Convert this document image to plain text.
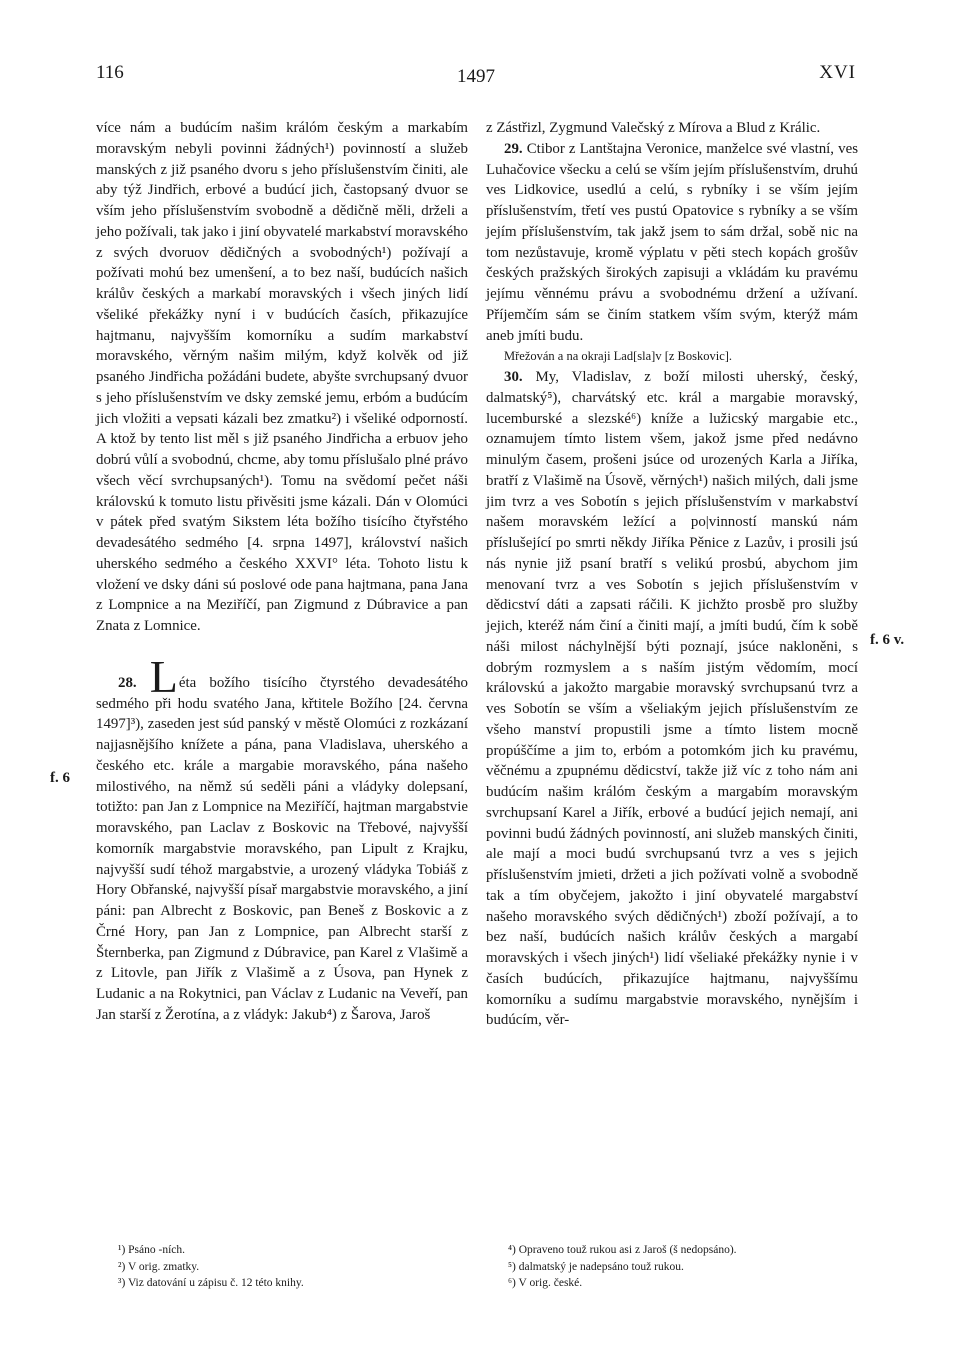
116	1497	XVI

více nám a budúcím našim králóm českým a markabím moravským nebyli povinni žádných¹) povinností a služeb manských z již psaného dvoru s jeho příslušenstvím činiti, ale aby týž Jindřich, erbové a budúcí jich, častopsaný dvuor se vším jeho příslušenstvím svobodně a dědičně měli, drželi a jeho požívali, tak jako i jiní obyvatelé markabství moravského z svých dvoruov dědičných a svobodných¹) požívají a požívati mohú bez umenšení, a to bez naší, budúcích našich králův českých a markabí moravských i všech jiných lidí všeliké překážky nyní i v budúcích časích, přikazujíce hajtmanu, najvyšším komorníku a sudím markabství moravského, věrným našim milým, když kolvěk od již psaného Jindřicha požádáni budete, abyšte svrchupsaný dvuor s jeho příslušenstvím ve dsky zemské jemu, erbóm a budúcím jich vložiti a vepsati kázali bez zmatku²) i všeliké odporností. A ktož by tento list měl s již psaného Jindřicha a erbuov jeho dobrú vůlí a svobodnú, chcme, aby tomu příslušalo plné právo všech věcí svrchupsaných¹). Tomu na svědomí pečet náši královskú k tomuto listu přivěsiti jsme kázali. Dán v Olomúci v pátek před svatým Sikstem léta božího tisícího čtyřstého devadesátého sedmého [4. srpna 1497], království našich uherského sedmého a českého XXVI° léta. Tohoto listu k vložení ve dsky dáni sú poslové ode pana hajtmana, pana Jana z Lompnice a na Meziříčí, pan Zigmund z Dúbravice a pan Znata z Lomnice.

28. Léta božího tisícího čtyrstého devadesátého sedmého při hodu svatého Jana, křtitele Božího [24. června 1497]³), zaseden jest súd panský v městě Olomúci z rozkázaní najjasnějšího knížete a pána, pana Vladislava, uherského a českého etc. krále a margabie moravského, pána našeho milostivého, na němž sú seděli páni a vládyky dolepsaní, totižto: pan Jan z Lompnice na Meziříčí, hajtman margabstvie moravského, pan Laclav z Boskovic na Třebové, najvyšší komorník margabstvie moravského, pan Lipult z Krajku, najvyšší sudí téhož margabstvie, a urozený vládyka Tobiáš z Hory Obřanské, najvyšší písař margabstvie moravského, a jiní páni: pan Albrecht z Boskovic, pan Beneš z Boskovic a z Črné Hory, pan Jan z Lompnice, pan Albrecht starší z Šternberka, pan Zigmund z Dúbravice, pan Karel z Vlašimě a z Litovle, pan Jiřík z Vlašimě a z Úsova, pan Hynek z Ludanic a na Rokytnici, pan Václav z Ludanic na Veveří, pan Jan starší z Žerotína, a z vládyk: Jakub⁴) z Šarova, Jaroš

z Zástřizl, Zygmund Valečský z Mírova a Blud z Králic.

29. Ctibor z Lantštajna Veronice, manželce své vlastní, ves Luhačovice všecku a celú se vším jejím příslušenstvím, druhú ves Lidkovice, usedlú a celú, s rybníky i se vším jejím příslušenstvím, třetí ves pustú Opatovice s rybníky a se vším jejím příslušenstvím, tak jakž jsem to sám držal, sobě nic na tom nezůstavuje, kromě výplatu v pěti stech kopách grošův českých pražských širokých zapisuji a vkládám ku pravému jejímu věnnému právu a svobodnému držení a užívaní. Příjemčím sám se činím statkem vším svým, kterýž mám aneb jmíti budu.

Mřežován a na okraji Lad[sla]v [z Boskovic].

30. My, Vladislav, z boží milosti uherský, český, dalmatský⁵), charvátský etc. král a margabie moravský, lucemburské a slezské⁶) kníže a lužicský margabie etc., oznamujem tímto listem všem, jakož jsme před nedávno minulým časem, prošeni jsúce od urozených Karla a Jiříka, bratří z Vlašimě na Úsově, věrných¹) našich milých, dali jsme jim tvrz a ves Sobotín s jejich příslušenstvím v markabství našem moravském ležící a po|vinností manskú nám příslušející po smrti někdy Jiříka Pěnice z Lazův, i prosili jsú nás nynie již psaní bratří s velikú prosbú, abychom jim menovaní tvrz a ves Sobotín s jejich příslušenstvím v dědicství dáti a zapsati ráčili. K jichžto prosbě pro služby jejich, kteréž nám činí a činiti mají, a jmíti budú, čím k sobě náši milost náchylnější býti poznají, jsúce nakloněni, s dobrým rozmyslem a s naším jistým vědomím, mocí královskú a jakožto margabie moravský svrchupsanú tvrz a ves Sobotín se vším a všeliakým jejich příslušenstvím ze všeho manství propustili jsme a tímto listem mocně propúščíme a jim to, erbóm a potomkóm jich ku pravému, věčnému a zpupnému dědicství, takže již víc z toho nám ani budúcím našim králóm českým a margabím moravským svrchupsaní Karel a Jiřík, erbové a budúcí jejich nemají, ani povinni budú žádných povinností, ani služeb manských činiti, ale mají a moci budú svrchupsanú tvrz a ves s jejich příslušenstvím jmieti, držeti a jich požívati volně a svobodně tak a tím obyčejem, jakožto i jiní obyvatelé margabství našeho moravského svých dědičných¹) zboží požívají, a to bez naší, budúcích našich králův českých a margabí moravských i všech jiných¹) lidí všeliaké překážky nynie i v časích budúcích, přikazujíce hajtmanu, najvyššímu komorníku a sudímu margabstvie moravského, nynějším i budúcím, věr-

f. 6
f. 6 v.
¹) Psáno -ních.
²) V orig. zmatky.
³) Viz datování u zápisu č. 12 této knihy.
⁴) Opraveno touž rukou asi z Jaroš (š nedopsáno).
⁵) dalmatský je nadepsáno touž rukou.
⁶) V orig. české.
